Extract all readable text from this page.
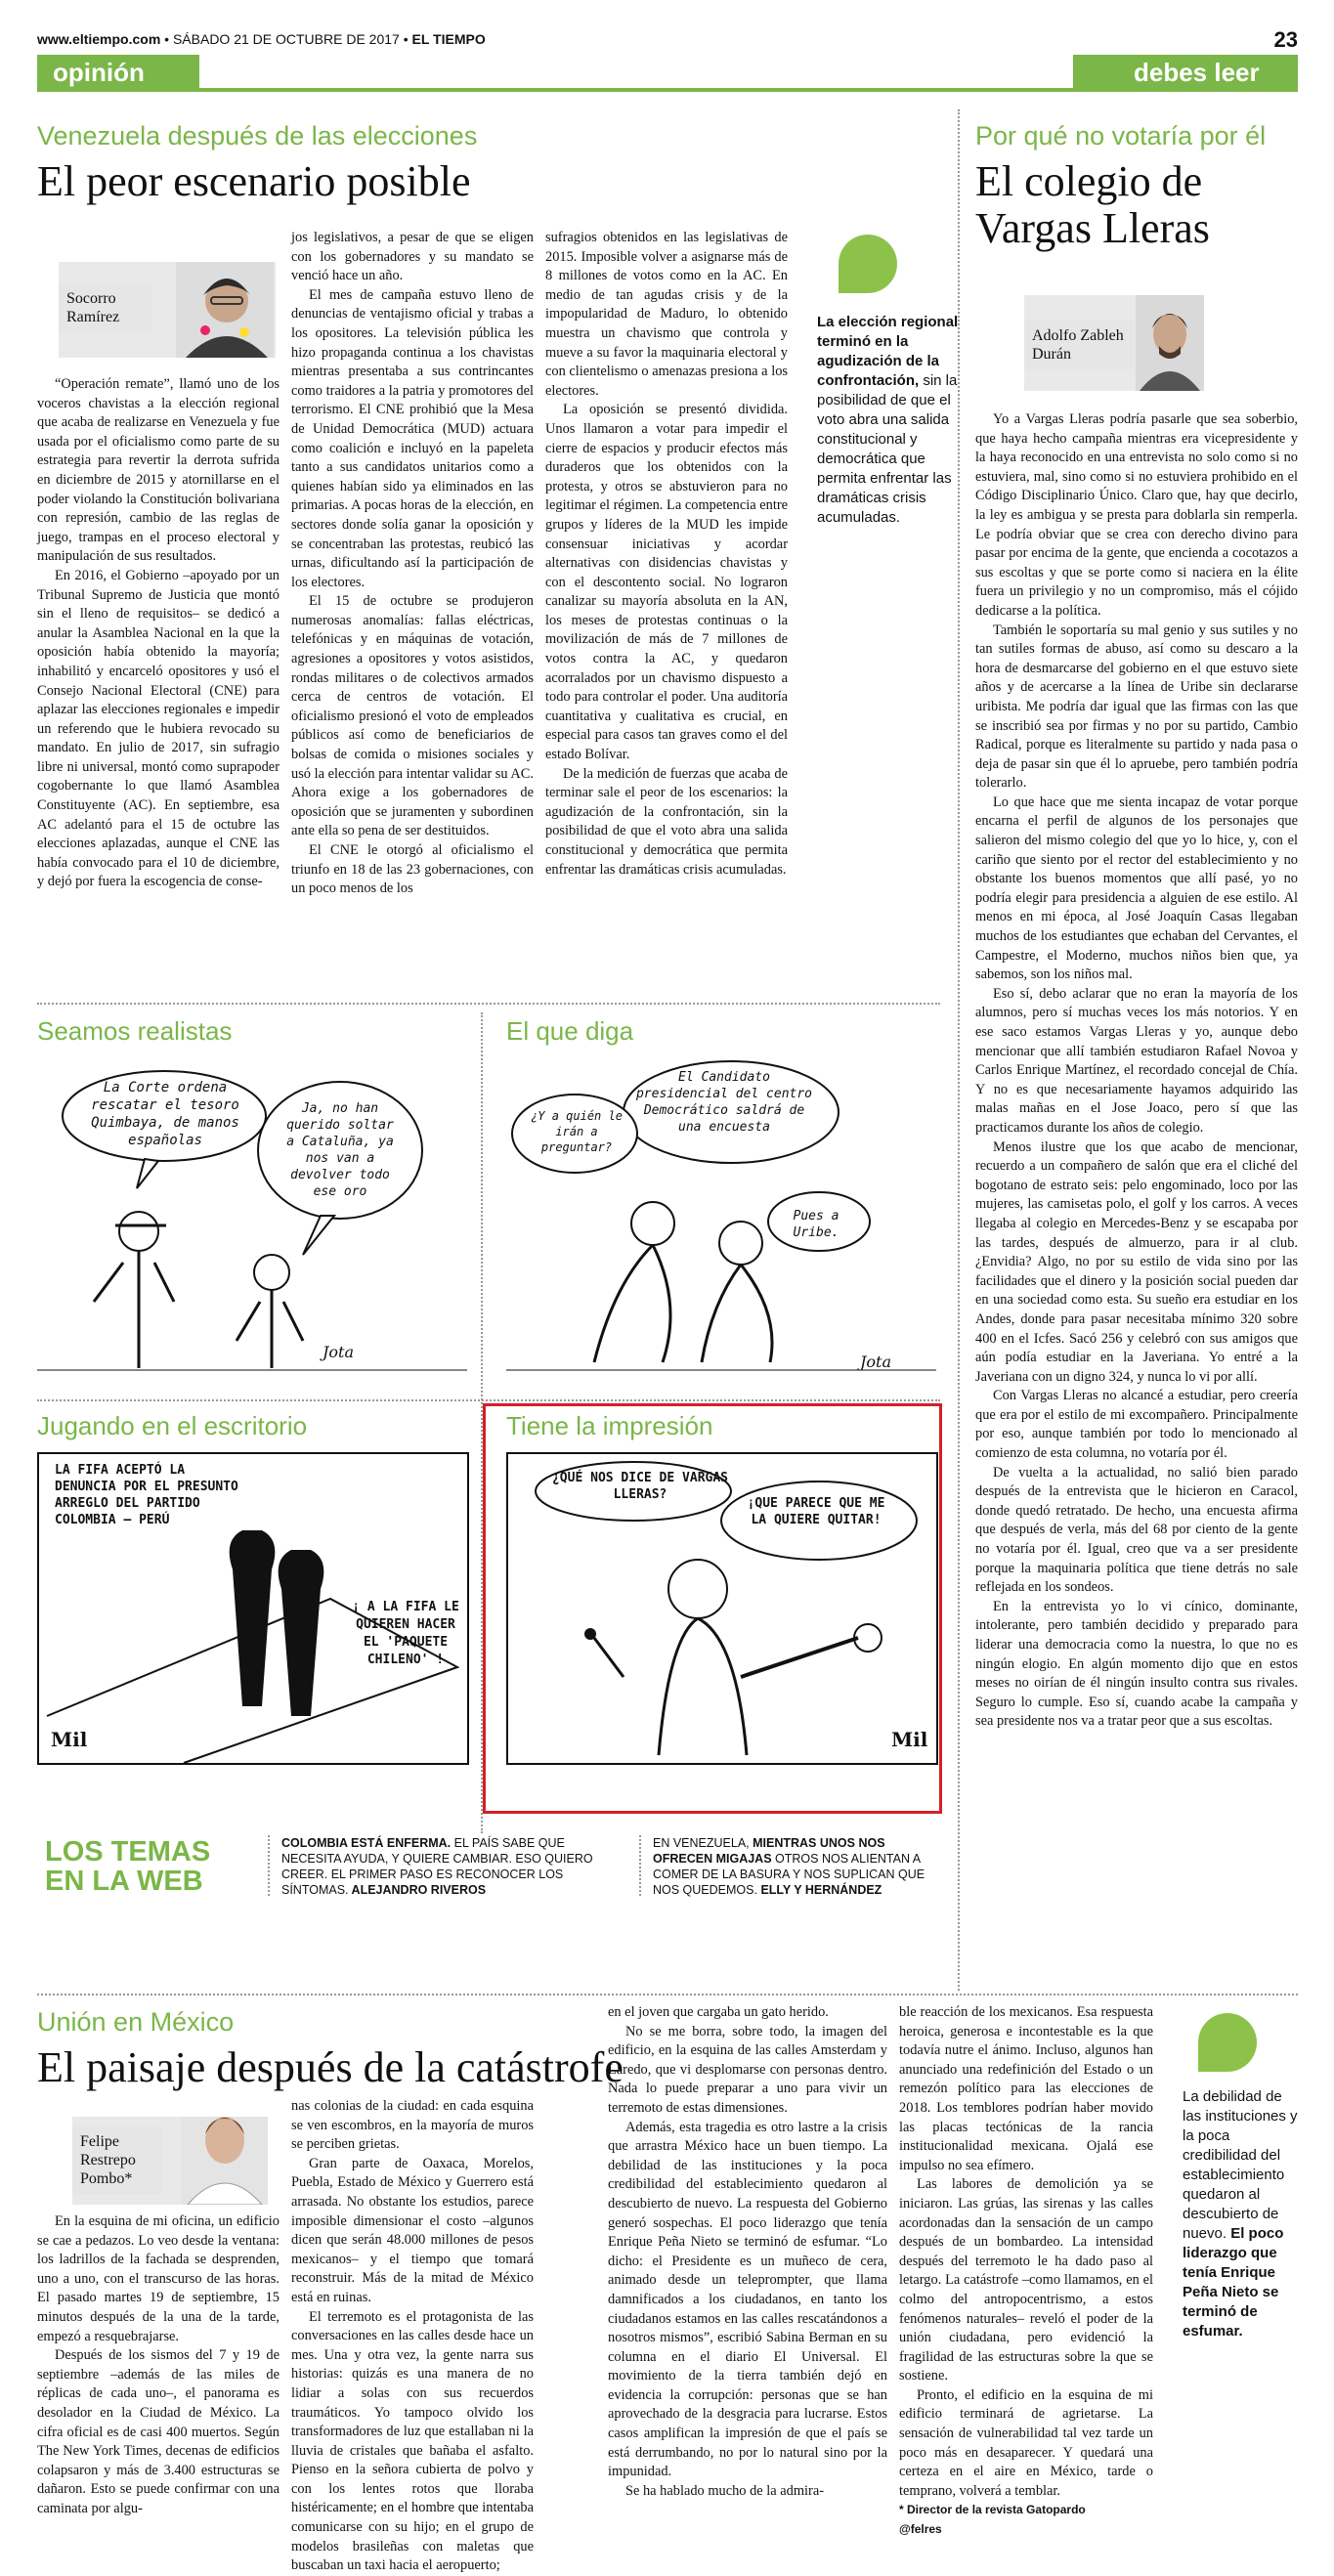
www.eltiempo.com • SÁBADO 21 DE OCTUBRE DE 2017 • EL TIEMPO	23
opinión	debes leer
Venezuela después de las elecciones
El peor escenario posible
Socorro Ramírez

“Operación remate”, llamó uno de los voceros chavistas a la elección regional que acaba de realizarse en Venezuela y fue usada por el oficialismo como parte de su estrategia para revertir la derrota sufrida en diciembre de 2015 y atornillarse en el poder violando la Constitución bolivariana con represión, cambio de las reglas de juego, trampas en el proceso electoral y manipulación de sus resultados.

En 2016, el Gobierno –apoyado por un Tribunal Supremo de Justicia que montó sin el lleno de requisitos– se dedicó a anular la Asamblea Nacional en la que la oposición había obtenido la mayoría; inhabilitó y encarceló opositores y usó el Consejo Nacional Electoral (CNE) para aplazar las elecciones regionales e impedir un referendo que le hubiera revocado su mandato. En julio de 2017, sin sufragio libre ni universal, montó como suprapoder cogobernante lo que llamó Asamblea Constituyente (AC). En septiembre, esa AC adelantó para el 15 de octubre las elecciones aplazadas, aunque el CNE las había convocado para el 10 de diciembre, y dejó por fuera la escogencia de conse-

jos legislativos, a pesar de que se eligen con los gobernadores y su mandato se venció hace un año.

El mes de campaña estuvo lleno de denuncias de ventajismo oficial y trabas a los opositores. La televisión pública les hizo propaganda continua a los chavistas mientras presentaba a sus contrincantes como traidores a la patria y promotores del terrorismo. El CNE prohibió que la Mesa de Unidad Democrática (MUD) actuara como coalición e incluyó en la papeleta tanto a sus candidatos unitarios como a quienes habían sido ya eliminados en las primarias. A pocas horas de la elección, en sectores donde solía ganar la oposición y se concentraban las protestas, reubicó las urnas, dificultando así la participación de los electores.

El 15 de octubre se produjeron numerosas anomalías: fallas eléctricas, telefónicas y en máquinas de votación, agresiones a opositores y votos asistidos, rondas militares o de colectivos armados cerca de centros de votación. El oficialismo presionó el voto de empleados públicos así como de beneficiarios de bolsas de comida o misiones sociales y usó la elección para intentar validar su AC. Ahora exige a los gobernadores de oposición que se juramenten y subordinen ante ella so pena de ser destituidos.

El CNE le otorgó al oficialismo el triunfo en 18 de las 23 gobernaciones, con un poco menos de los

sufragios obtenidos en las legislativas de 2015. Imposible volver a asignarse más de 8 millones de votos como en la AC. En medio de tan agudas crisis y de la impopularidad de Maduro, lo obtenido muestra un chavismo que controla y mueve a su favor la maquinaria electoral y con clientelismo o amenazas presiona a los electores.

La oposición se presentó dividida. Unos llamaron a votar para impedir el cierre de espacios y producir efectos más duraderos que los obtenidos con la protesta, y otros se abstuvieron para no legitimar el régimen. La competencia entre grupos y líderes de la MUD les impide consensuar iniciativas y acordar alternativas con disidencias chavistas y con el descontento social. No lograron canalizar su mayoría absoluta en la AN, los meses de protestas continuas o la movilización de más de 7 millones de votos contra la AC, y quedaron acorralados por un chavismo dispuesto a todo para controlar el poder. Una auditoría cuantitativa y cualitativa es crucial, en especial para casos tan graves como el del estado Bolívar.

De la medición de fuerzas que acaba de terminar sale el peor de los escenarios: la agudización de la confrontación, sin la posibilidad de que el voto abra una salida constitucional y democrática que permita enfrentar las dramáticas crisis acumuladas.

La elección regional terminó en la agudización de la confrontación, sin la posibilidad de que el voto abra una salida constitucional y democrática que permita enfrentar las dramáticas crisis acumuladas.
Por qué no votaría por él
El colegio de Vargas Lleras
Adolfo Zableh Durán

Yo a Vargas Lleras podría pasarle que sea soberbio, que haya hecho campaña mientras era vicepresidente y la haya reconocido en una entrevista no solo como si no estuviera, mal, sino como si no estuviera prohibido en el Código Disciplinario Único. Claro que, hay que decirlo, la ley es ambigua y se presta para doblarla sin remperla. Le podría obviar que se crea con derecho divino para pasar por encima de la gente, que encienda a cocotazos a sus escoltas y que se porte como si naciera en la élite fuera un privilegio y no un compromiso, más el cójido dedicarse a la política.

También le soportaría su mal genio y sus sutiles y no tan sutiles formas de abuso, así como su descaro a la hora de desmarcarse del gobierno en el que estuvo siete años y de acercarse a la línea de Uribe sin declararse uribista. Me podría dar igual que las firmas con las que se inscribió sea por firmas y no por su partido, Cambio Radical, porque es literalmente su partido y nada pasa o deja de pasar sin que él lo apruebe, pero también podría tolerarlo.

Lo que hace que me sienta incapaz de votar porque encarna el perfil de algunos de los personajes que salieron del mismo colegio del que yo lo hice, y, con el cariño que siento por el rector del establecimiento y no obstante los buenos momentos que allí pasé, yo no podría elegir para presidencia a alguien de ese estilo. Al menos en mi época, al José Joaquín Casas llegaban muchos de los estudiantes que echaban del Cervantes, el Campestre, el Moderno, muchos niños bien que, ya sabemos, son los niños mal.

Eso sí, debo aclarar que no eran la mayoría de los alumnos, pero sí muchas veces los más notorios. Y en ese saco estamos Vargas Lleras y yo, aunque debo mencionar que allí también estudiaron Rafael Novoa y Carlos Enrique Martínez, el recordado concejal de Chía. Y no es que necesariamente hayamos adquirido las malas mañas en el Jose Joaco, pero sí que las practicamos durante los años de colegio.

Menos ilustre que los que acabo de mencionar, recuerdo a un compañero de salón que era el cliché del bogotano de estrato seis: pelo engominado, loco por las mujeres, las camisetas polo, el golf y los carros. A veces llegaba al colegio en Mercedes-Benz y se escapaba por las tardes, después de almuerzo, para ir al club. ¿Envidia? Algo, no por su estilo de vida sino por las facilidades que el dinero y la posición social pueden dar en una sociedad como esta. Su sueño era estudiar en los Andes, donde para pasar necesitaba mínimo 320 sobre 400 en el Icfes. Sacó 256 y celebró con sus amigos que aún podía estudiar en la Javeriana. Yo entré a la Javeriana con un digno 324, y nunca lo vi por allí.

Con Vargas Lleras no alcancé a estudiar, pero creería que era por el estilo de mi excompañero. Principalmente por eso, aunque también por todo lo mencionado al comienzo de esta columna, no votaría por él.

De vuelta a la actualidad, no salió bien parado después de la entrevista que le hicieron en Caracol, donde quedó retratado. De hecho, una encuesta afirma que después de verla, más del 68 por ciento de la gente no votaría por él. Igual, creo que va a ser presidente porque la maquinaria política que tiene detrás no sale reflejada en los sondeos.

En la entrevista yo lo vi cínico, dominante, intolerante, pero también decidido y preparado para liderar una democracia como la nuestra, lo que no es ningún elogio. En algún momento dijo que en estos meses no oirían de él ningún insulto contra sus rivales. Seguro lo cumple. Eso sí, cuando acabe la campaña y sea presidente nos va a tratar peor que a sus escoltas.

Seamos realistas
La Corte ordena rescatar el tesoro Quimbaya, de manos españolas
Ja, no han querido soltar a Cataluña, ya nos van a devolver todo ese oro
Jota
El que diga
El Candidato presidencial del centro Democrático saldrá de una encuesta
¿Y a quién le irán a preguntar?
Pues a Uribe.
Jota
Jugando en el escritorio
LA FIFA ACEPTÓ LA DENUNCIA POR EL PRESUNTO ARREGLO DEL PARTIDO COLOMBIA – PERÚ
¡ A LA FIFA LE QUIEREN HACER EL 'PAQUETE CHILENO' !
Mil
Tiene la impresión
¿QUÉ NOS DICE DE VARGAS LLERAS?
¡QUE PARECE QUE ME LA QUIERE QUITAR!
Mil
LOS TEMAS
EN LA WEB
COLOMBIA ESTÁ ENFERMA. EL PAÍS SABE QUE NECESITA AYUDA, Y QUIERE CAMBIAR. ESO QUIERO CREER. EL PRIMER PASO ES RECONOCER LOS SÍNTOMAS. ALEJANDRO RIVEROS
EN VENEZUELA, MIENTRAS UNOS NOS OFRECEN MIGAJAS OTROS NOS ALIENTAN A COMER DE LA BASURA Y NOS SUPLICAN QUE NOS QUEDEMOS. ELLY Y HERNÁNDEZ
Unión en México
El paisaje después de la catástrofe
Felipe Restrepo Pombo*

En la esquina de mi oficina, un edificio se cae a pedazos. Lo veo desde la ventana: los ladrillos de la fachada se desprenden, uno a uno, con el transcurso de las horas. El pasado martes 19 de septiembre, 15 minutos después de la una de la tarde, empezó a resquebrajarse.

Después de los sismos del 7 y 19 de septiembre –además de las miles de réplicas de cada uno–, el panorama es desolador en la Ciudad de México. La cifra oficial es de casi 400 muertos. Según The New York Times, decenas de edificios colapsaron y más de 3.400 estructuras se dañaron. Esto se puede confirmar con una caminata por algu-

nas colonias de la ciudad: en cada esquina se ven escombros, en la mayoría de muros se perciben grietas.

Gran parte de Oaxaca, Morelos, Puebla, Estado de México y Guerrero está arrasada. No obstante los estudios, parece imposible dimensionar el costo –algunos dicen que serán 48.000 millones de pesos mexicanos– y el tiempo que tomará reconstruir. Más de la mitad de México está en ruinas.

El terremoto es el protagonista de las conversaciones en las calles desde hace un mes. Una y otra vez, la gente narra sus historias: quizás es una manera de no lidiar a solas con sus recuerdos traumáticos. Yo tampoco olvido los transformadores de luz que estallaban ni la lluvia de cristales que bañaba el asfalto. Pienso en la señora cubierta de polvo y con los lentes rotos que lloraba histéricamente; en el hombre que intentaba comunicarse con su hijo; en el grupo de modelos brasileñas con maletas que buscaban un taxi hacia el aeropuerto;

en el joven que cargaba un gato herido.

No se me borra, sobre todo, la imagen del edificio, en la esquina de las calles Amsterdam y Laredo, que vi desplomarse con personas dentro. Nada lo puede preparar a uno para vivir un terremoto de estas dimensiones.

Además, esta tragedia es otro lastre a la crisis que arrastra México hace un buen tiempo. La debilidad de las instituciones y la poca credibilidad del establecimiento quedaron al descubierto de nuevo. La respuesta del Gobierno generó sospechas. El poco liderazgo que tenía Enrique Peña Nieto se terminó de esfumar. “Lo dicho: el Presidente es un muñeco de cera, animado desde un teleprompter, que llama damnificados a los ciudadanos, en tanto los ciudadanos estamos en las calles rescatándonos a nosotros mismos”, escribió Sabina Berman en su columna en el diario El Universal. El movimiento de la tierra también dejó en evidencia la corrupción: personas que se han aprovechado de la desgracia para lucrarse. Estos casos amplifican la impresión de que el país se está derrumbando, no por lo natural sino por la impunidad.

Se ha hablado mucho de la admira-

ble reacción de los mexicanos. Esa respuesta heroica, generosa e incontestable es la que todavía nutre el ánimo. Incluso, algunos han anunciado una redefinición del Estado o un remezón político para las elecciones de 2018. Los temblores podrían haber movido las placas tectónicas de la rancia institucionalidad mexicana. Ojalá ese impulso no sea efímero.

Las labores de demolición ya se iniciaron. Las grúas, las sirenas y las calles acordonadas dan la sensación de un campo después de un bombardeo. La intensidad después del terremoto le ha dado paso al letargo. La catástrofe –como llamamos, en el colmo del antropocentrismo, a estos fenómenos naturales– reveló el poder de la unión ciudadana, pero evidenció la fragilidad de las estructuras sobre la que se sostiene.

Pronto, el edificio en la esquina de mi edificio terminará de agrietarse. La sensación de vulnerabilidad tal vez tarde un poco más en desaparecer. Y quedará una certeza en el aire en México, tarde o temprano, volverá a temblar.

* Director de la revista Gatopardo

@felres

La debilidad de las instituciones y la poca credibilidad del establecimiento quedaron al descubierto de nuevo. El poco liderazgo que tenía Enrique Peña Nieto se terminó de esfumar.
